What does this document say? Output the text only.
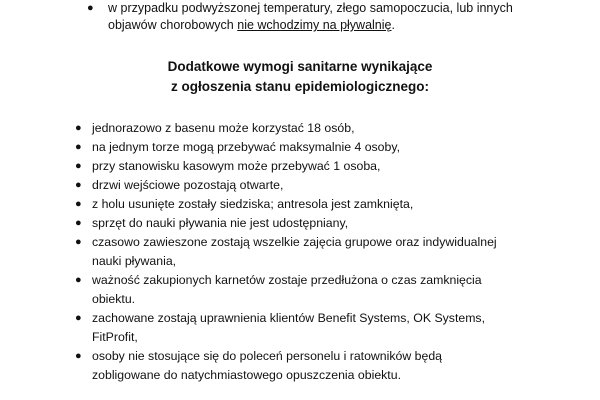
● w przypadku podwyższonej temperatury, złego samopoczucia, lub innych
objawów chorobowych nie wchodzimy na pływalnię.
Dodatkowe wymogi sanitarne wynikające
z ogłoszenia stanu epidemiologicznego:
● jednorazowo z basenu może korzystać 18 osób,
● na jednym torze mogą przebywać maksymalnie 4 osoby,
● przy stanowisku kasowym może przebywać 1 osoba,
● drzwi wejściowe pozostają otwarte,
● z holu usunięte zostały siedziska; antresola jest zamknięta,
● sprzęt do nauki pływania nie jest udostępniany,
● czasowo zawieszone zostają wszelkie zajęcia grupowe oraz indywidualnej
nauki pływania,
● ważność zakupionych karnetów zostaje przedłużona o czas zamknięcia
obiektu.
● zachowane zostają uprawnienia klientów Benefit Systems, OK Systems,
FitProfit,
● osoby nie stosujące się do poleceń personelu i ratowników będą
zobligowane do natychmiastowego opuszczenia obiektu.
